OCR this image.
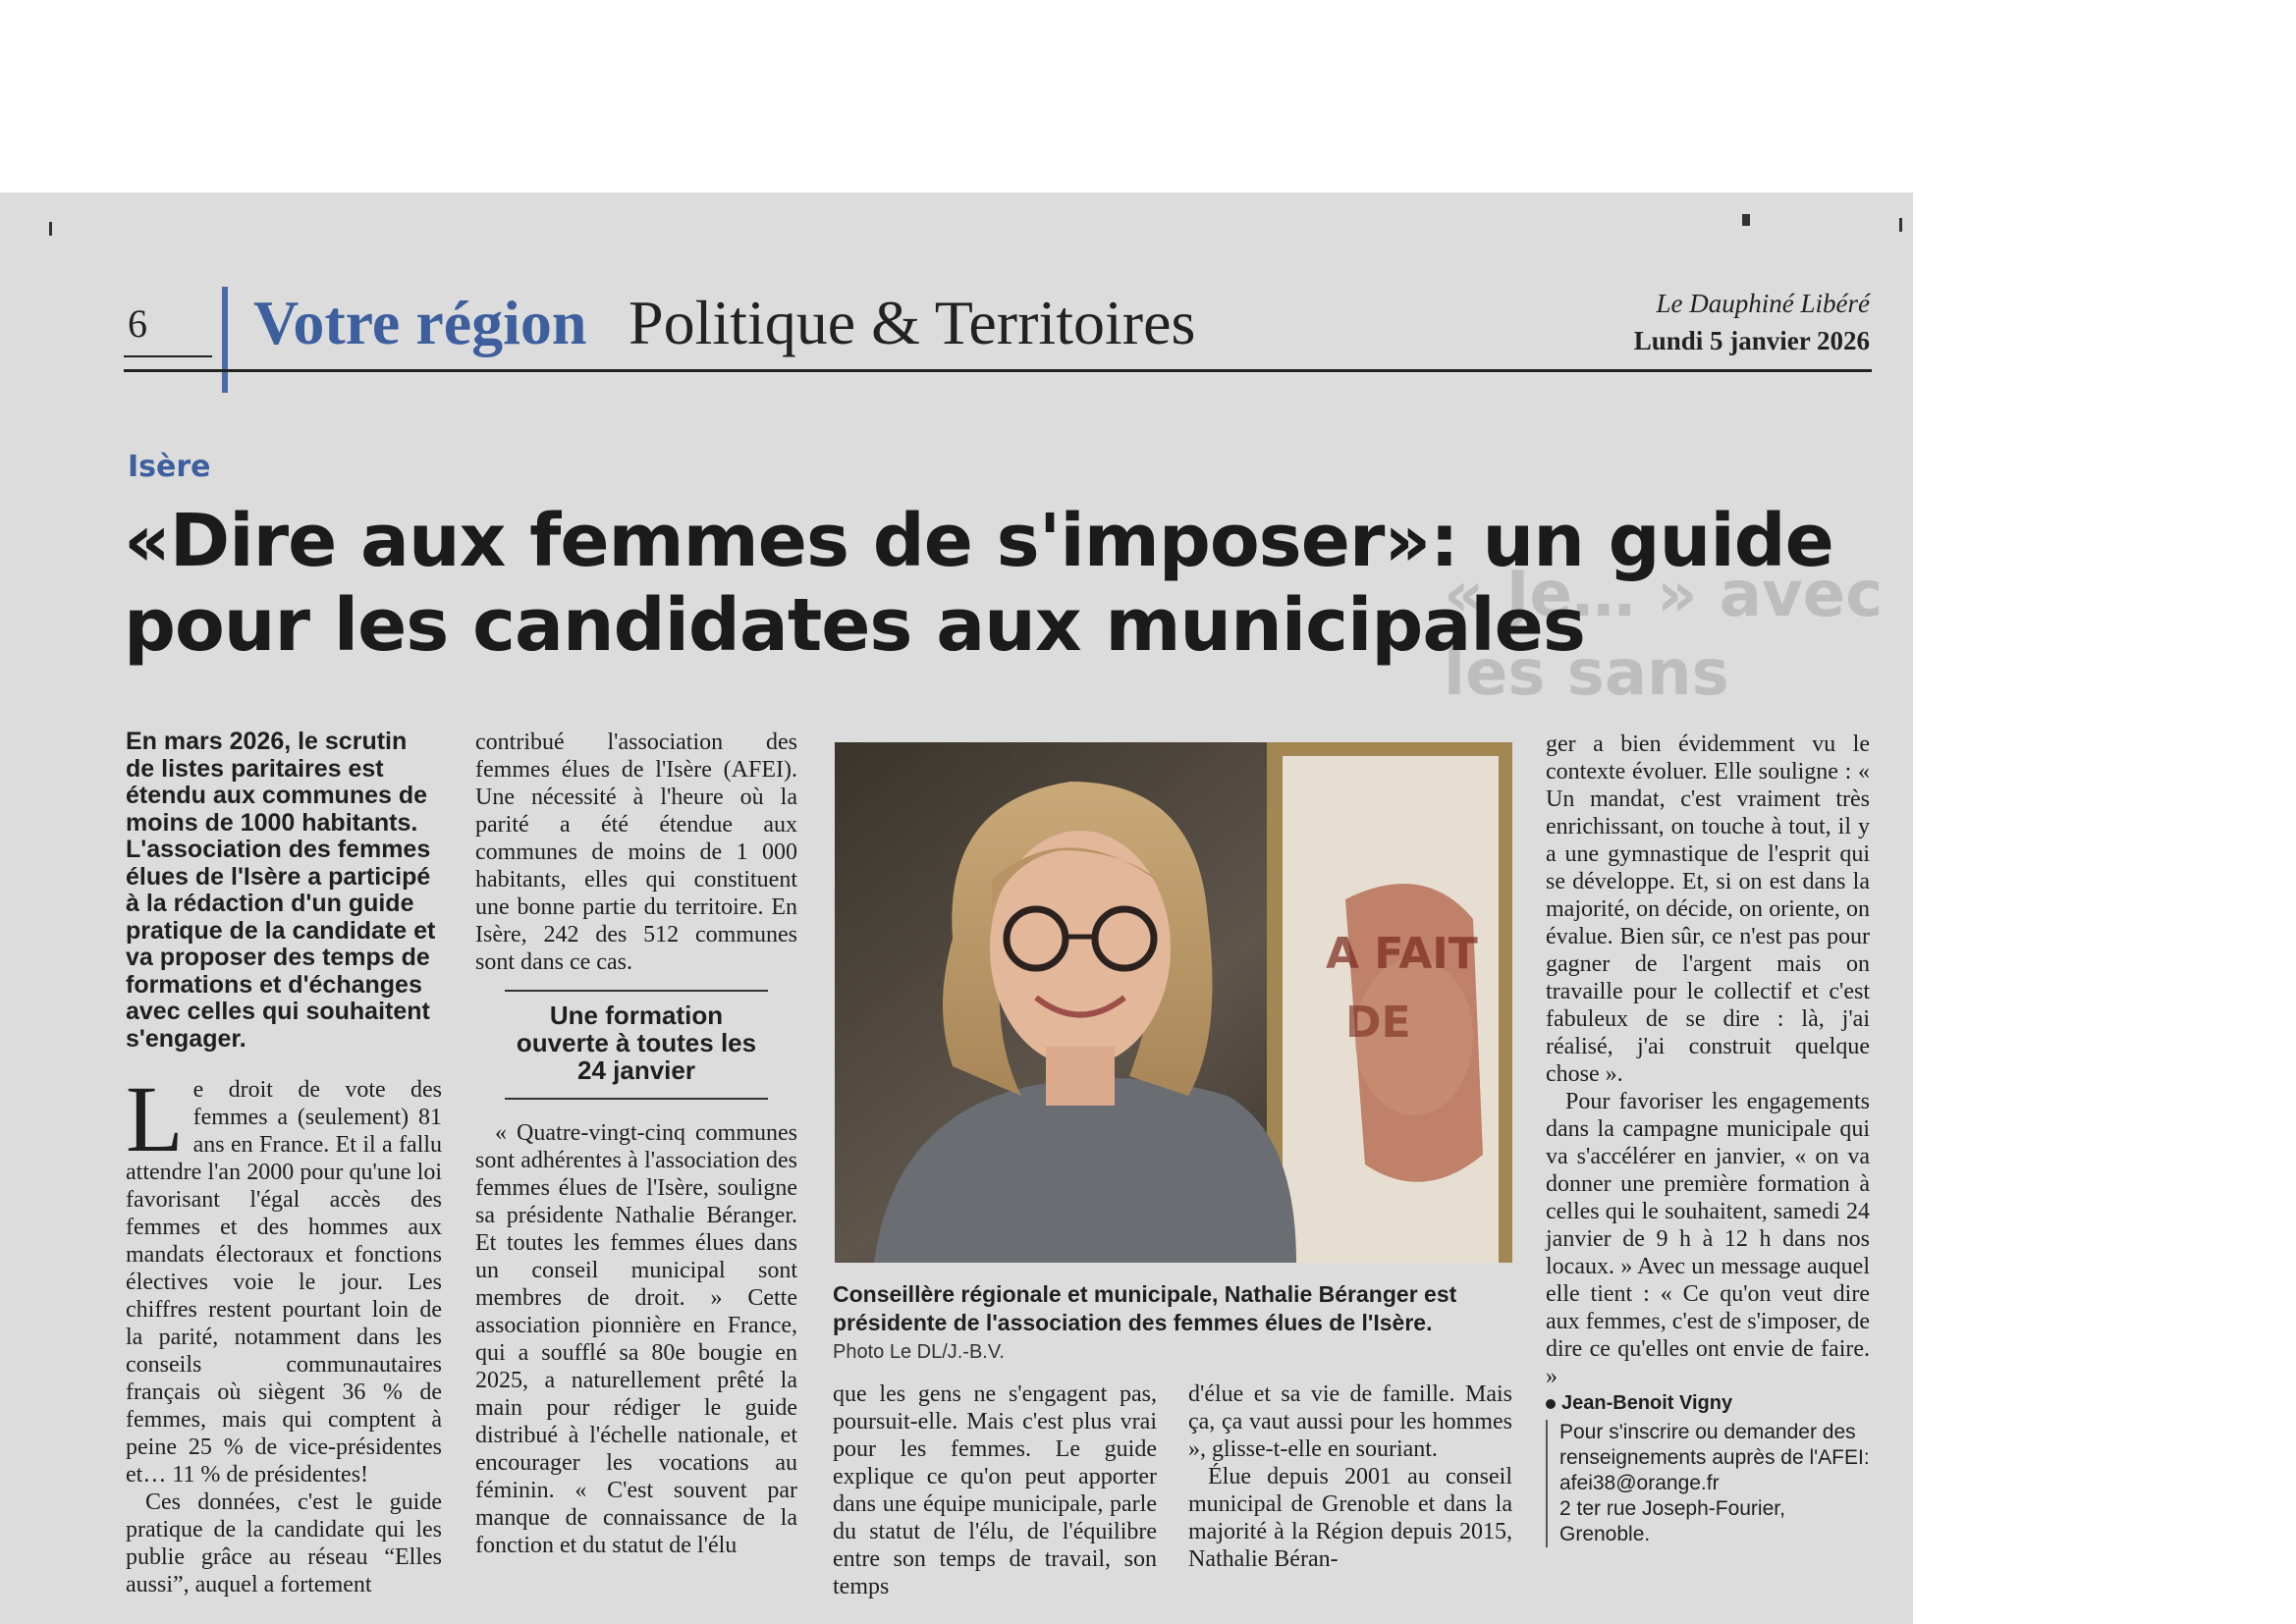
6 Votre région Politique & Territoires	Le Dauphiné Libéré
Lundi 5 janvier 2026
Isère
« Je… » avec
les sans
«Dire aux femmes de s'imposer»: un guide pour les candidates aux municipales

En mars 2026, le scrutin de listes paritaires est étendu aux communes de moins de 1000 habitants. L'association des femmes élues de l'Isère a participé à la rédaction d'un guide pratique de la candidate et va proposer des temps de formations et d'échanges avec celles qui souhaitent s'engager.

Le droit de vote des femmes a (seulement) 81 ans en France. Et il a fallu attendre l'an 2000 pour qu'une loi favorisant l'égal accès des femmes et des hommes aux mandats électoraux et fonctions électives voie le jour. Les chiffres restent pourtant loin de la parité, notamment dans les conseils communautaires français où siègent 36 % de femmes, mais qui comptent à peine 25 % de vice-présidentes et… 11 % de présidentes!

Ces données, c'est le guide pratique de la candidate qui les publie grâce au réseau “Elles aussi”, auquel a fortement

contribué l'association des femmes élues de l'Isère (AFEI). Une nécessité à l'heure où la parité a été étendue aux communes de moins de 1 000 habitants, elles qui constituent une bonne partie du territoire. En Isère, 242 des 512 communes sont dans ce cas.

Une formation ouverte à toutes les 24 janvier

« Quatre-vingt-cinq communes sont adhérentes à l'association des femmes élues de l'Isère, souligne sa présidente Nathalie Béranger. Et toutes les femmes élues dans un conseil municipal sont membres de droit. » Cette association pionnière en France, qui a soufflé sa 80e bougie en 2025, a naturellement prêté la main pour rédiger le guide distribué à l'échelle nationale, et encourager les vocations au féminin. « C'est souvent par manque de connaissance de la fonction et du statut de l'élu

A FAIT
DE
Conseillère régionale et municipale, Nathalie Béranger est présidente de l'association des femmes élues de l'Isère.
Photo Le DL/J.-B.V.

que les gens ne s'engagent pas, poursuit-elle. Mais c'est plus vrai pour les femmes. Le guide explique ce qu'on peut apporter dans une équipe municipale, parle du statut de l'élu, de l'équilibre entre son temps de travail, son temps

d'élue et sa vie de famille. Mais ça, ça vaut aussi pour les hommes », glisse-t-elle en souriant.

Élue depuis 2001 au conseil municipal de Grenoble et dans la majorité à la Région depuis 2015, Nathalie Béran-

ger a bien évidemment vu le contexte évoluer. Elle souligne : « Un mandat, c'est vraiment très enrichissant, on touche à tout, il y a une gymnastique de l'esprit qui se développe. Et, si on est dans la majorité, on décide, on oriente, on évalue. Bien sûr, ce n'est pas pour gagner de l'argent mais on travaille pour le collectif et c'est fabuleux de se dire : là, j'ai réalisé, j'ai construit quelque chose ».

Pour favoriser les engagements dans la campagne municipale qui va s'accélérer en janvier, « on va donner une première formation à celles qui le souhaitent, samedi 24 janvier de 9 h à 12 h dans nos locaux. » Avec un message auquel elle tient : « Ce qu'on veut dire aux femmes, c'est de s'imposer, de dire ce qu'elles ont envie de faire. »

Jean-Benoit Vigny

Pour s'inscrire ou demander des renseignements auprès de l'AFEI: afei38@orange.fr

2 ter rue Joseph-Fourier, Grenoble.
